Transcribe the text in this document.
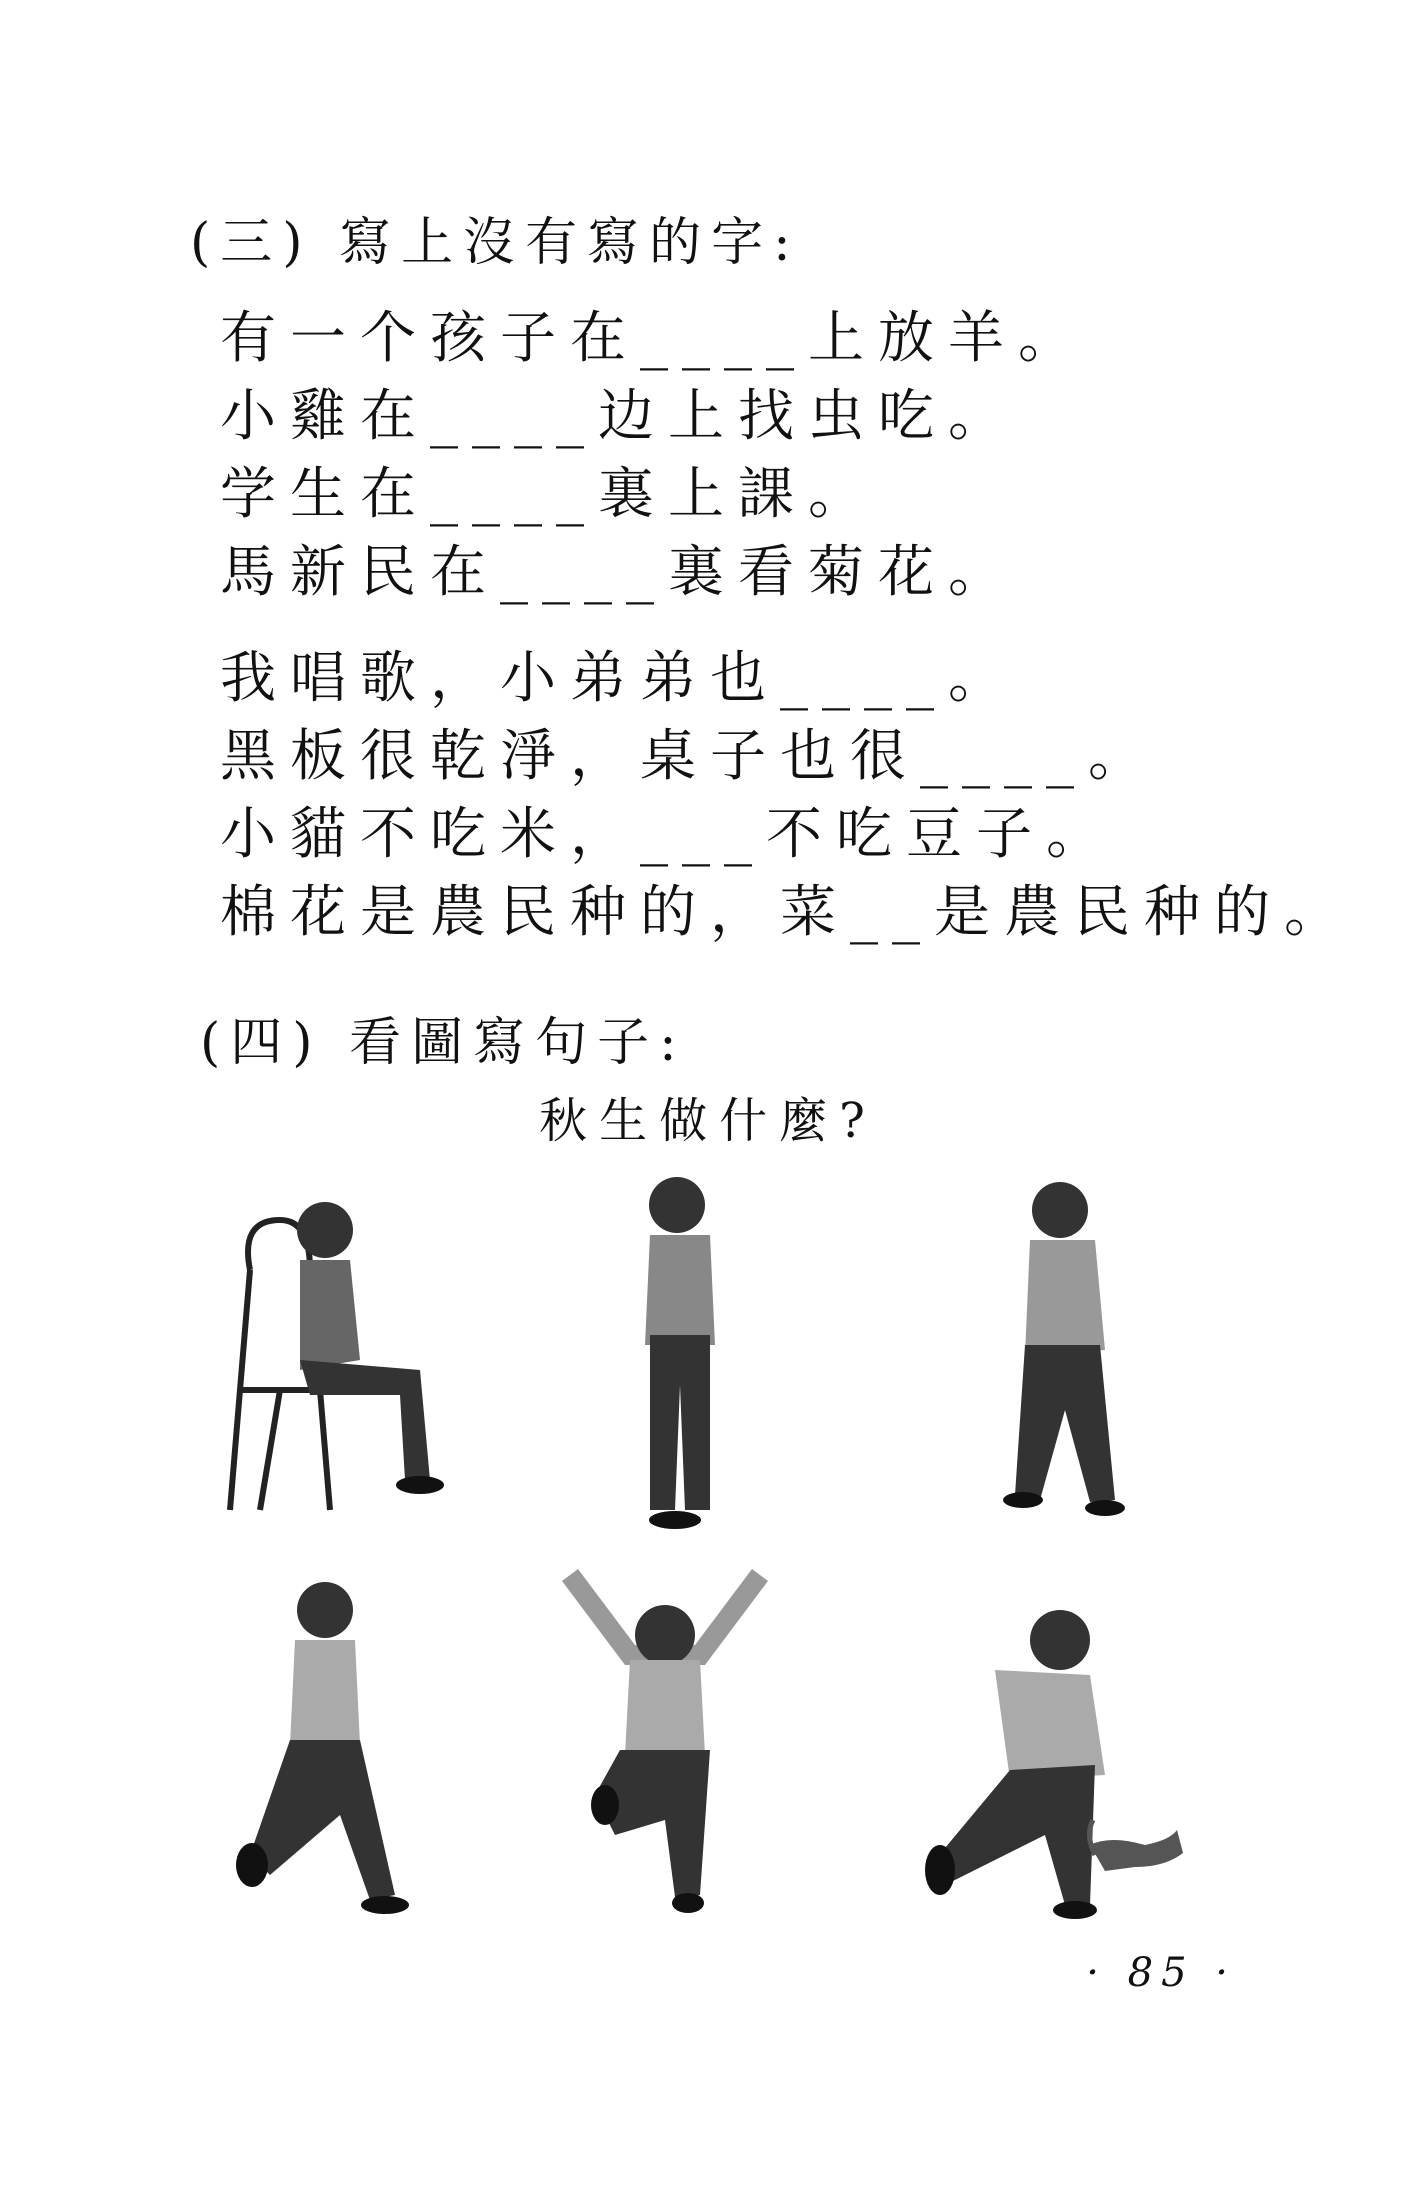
(三) 寫上沒有寫的字:
有一个孩子在____上放羊。
小雞在____边上找虫吃。
学生在____裏上課。
馬新民在____裏看菊花。
我唱歌，小弟弟也____。
黑板很乾淨，桌子也很____。
小貓不吃米，___不吃豆子。
棉花是農民种的，菜__是農民种的。
(四) 看圖寫句子:
秋生做什麼?
· 85 ·
